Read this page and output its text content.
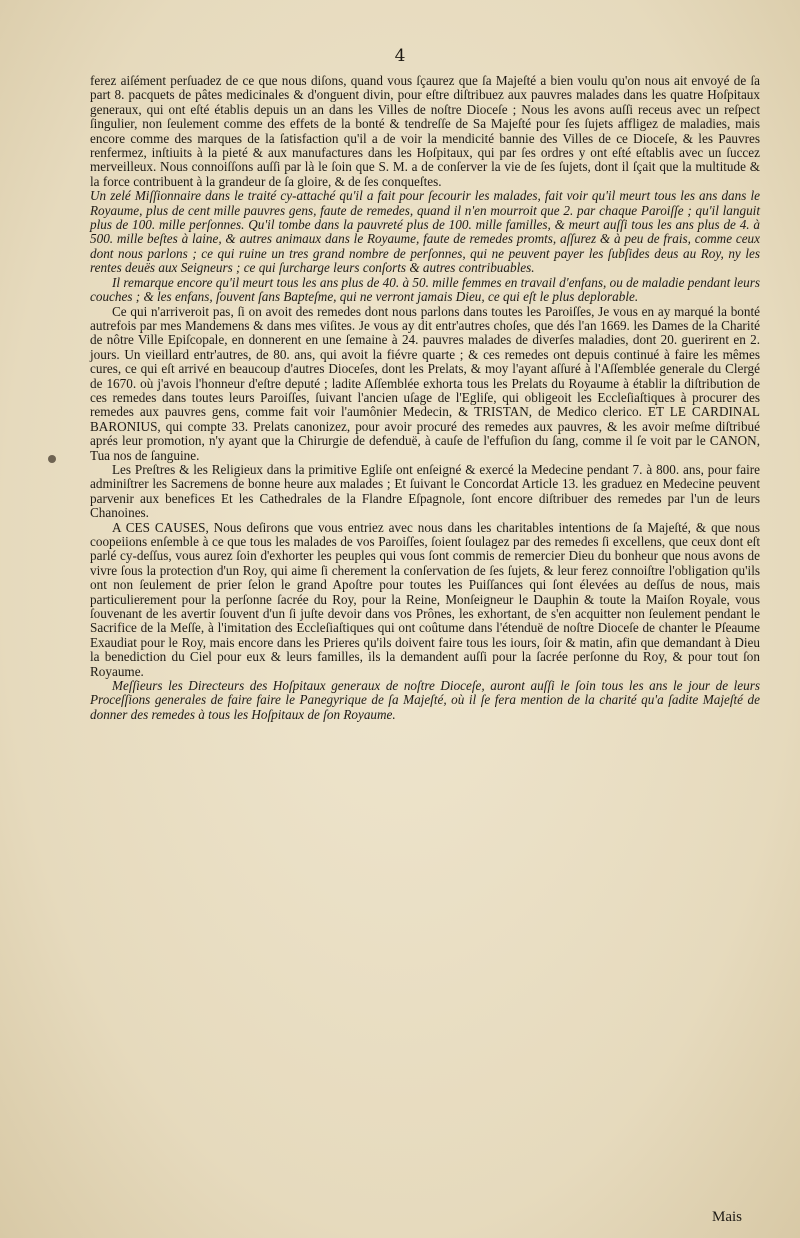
4

ferez aiſément perſuadez de ce que nous diſons, quand vous ſçaurez que ſa Majeſté a bien voulu qu'on nous ait envoyé de ſa part 8. pacquets de pâtes medicinales & d'onguent divin, pour eſtre diſtribuez aux pauvres malades dans les quatre Hoſpitaux generaux, qui ont eſté établis depuis un an dans les Villes de noſtre Dioceſe ; Nous les avons auſſi receus avec un reſpect ſingulier, non ſeulement comme des effets de la bonté & tendreſſe de Sa Majeſté pour ſes ſujets affligez de maladies, mais encore comme des marques de la ſatisfaction qu'il a de voir la mendicité bannie des Villes de ce Dioceſe, & les Pauvres renfermez, inſtiuits à la pieté & aux manufactures dans les Hoſpitaux, qui par ſes ordres y ont eſté eſtablis avec un ſuccez merveilleux. Nous connoiſſons auſſi par là le ſoin que S. M. a de conſerver la vie de ſes ſujets, dont il ſçait que la multitude & la force contribuent à la grandeur de ſa gloire, & de ſes conqueſtes.

Un zelé Miſſionnaire dans le traité cy-attaché qu'il a fait pour ſecourir les malades, fait voir qu'il meurt tous les ans dans le Royaume, plus de cent mille pauvres gens, faute de remedes, quand il n'en mourroit que 2. par chaque Paroiſſe ; qu'il languit plus de 100. mille perſonnes. Qu'il tombe dans la pauvreté plus de 100. mille familles, & meurt auſſi tous les ans plus de 4. à 500. mille beſtes à laine, & autres animaux dans le Royaume, faute de remedes promts, aſſurez & à peu de frais, comme ceux dont nous parlons ; ce qui ruine un tres grand nombre de perſonnes, qui ne peuvent payer les ſubſides deus au Roy, ny les rentes deuës aux Seigneurs ; ce qui ſurcharge leurs conſorts & autres contribuables.

Il remarque encore qu'il meurt tous les ans plus de 40. à 50. mille femmes en travail d'enfans, ou de maladie pendant leurs couches ; & les enfans, ſouvent ſans Bapteſme, qui ne verront jamais Dieu, ce qui eſt le plus deplorable.

Ce qui n'arriveroit pas, ſi on avoit des remedes dont nous parlons dans toutes les Paroiſſes, Je vous en ay marqué la bonté autrefois par mes Mandemens & dans mes viſites. Je vous ay dit entr'autres choſes, que dés l'an 1669. les Dames de la Charité de nôtre Ville Epiſcopale, en donnerent en une ſemaine à 24. pauvres malades de diverſes maladies, dont 20. guerirent en 2. jours. Un vieillard entr'autres, de 80. ans, qui avoit la fiévre quarte ; & ces remedes ont depuis continué à faire les mêmes cures, ce qui eſt arrivé en beaucoup d'autres Dioceſes, dont les Prelats, & moy l'ayant aſſuré à l'Aſſemblée generale du Clergé de 1670. où j'avois l'honneur d'eſtre deputé ; ladite Aſſemblée exhorta tous les Prelats du Royaume à établir la diſtribution de ces remedes dans toutes leurs Paroiſſes, ſuivant l'ancien uſage de l'Egliſe, qui obligeoit les Eccleſiaſtiques à procurer des remedes aux pauvres gens, comme fait voir l'aumônier Medecin, & TRISTAN, de Medico clerico. ET LE CARDINAL BARONIUS, qui compte 33. Prelats canonizez, pour avoir procuré des remedes aux pauvres, & les avoir meſme diſtribué aprés leur promotion, n'y ayant que la Chirurgie de defenduë, à cauſe de l'effuſion du ſang, comme il ſe voit par le CANON, Tua nos de ſanguine.

Les Preſtres & les Religieux dans la primitive Egliſe ont enſeigné & exercé la Medecine pendant 7. à 800. ans, pour faire adminiſtrer les Sacremens de bonne heure aux malades ; Et ſuivant le Concordat Article 13. les graduez en Medecine peuvent parvenir aux benefices Et les Cathedrales de la Flandre Eſpagnole, ſont encore diſtribuer des remedes par l'un de leurs Chanoines.

A CES CAUSES, Nous deſirons que vous entriez avec nous dans les charitables intentions de ſa Majeſté, & que nous coopeiions enſemble à ce que tous les malades de vos Paroiſſes, ſoient ſoulagez par des remedes ſi excellens, que ceux dont eſt parlé cy-deſſus, vous aurez ſoin d'exhorter les peuples qui vous ſont commis de remercier Dieu du bonheur que nous avons de vivre ſous la protection d'un Roy, qui aime ſi cherement la conſervation de ſes ſujets, & leur ferez connoiſtre l'obligation qu'ils ont non ſeulement de prier ſelon le grand Apoſtre pour toutes les Puiſſances qui ſont élevées au deſſus de nous, mais particulierement pour la perſonne ſacrée du Roy, pour la Reine, Monſeigneur le Dauphin & toute la Maiſon Royale, vous ſouvenant de les avertir ſouvent d'un ſi juſte devoir dans vos Prônes, les exhortant, de s'en acquitter non ſeulement pendant le Sacrifice de la Meſſe, à l'imitation des Eccleſiaſtiques qui ont coûtume dans l'étenduë de noſtre Dioceſe de chanter le Pſeaume Exaudiat pour le Roy, mais encore dans les Prieres qu'ils doivent faire tous les iours, ſoir & matin, afin que demandant à Dieu la benediction du Ciel pour eux & leurs familles, ils la demandent auſſi pour la ſacrée perſonne du Roy, & pour tout ſon Royaume.

Meſſieurs les Directeurs des Hoſpitaux generaux de noſtre Dioceſe, auront auſſi le ſoin tous les ans le jour de leurs Proceſſions generales de faire faire le Panegyrique de ſa Majeſté, où il ſe fera mention de la charité qu'a ſadite Majeſté de donner des remedes à tous les Hoſpitaux de ſon Royaume.

Mais
